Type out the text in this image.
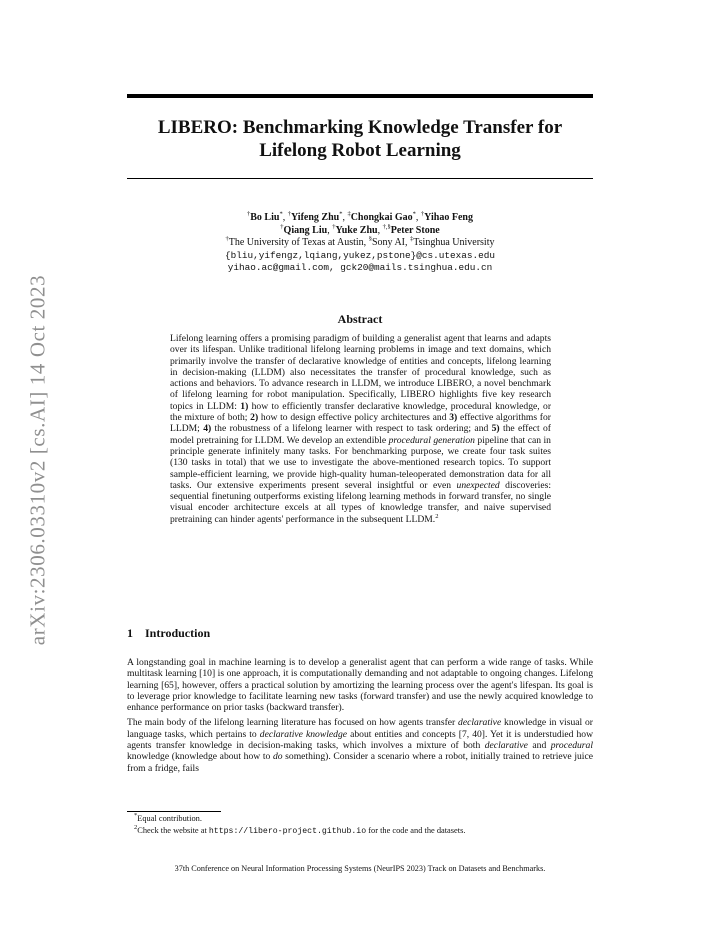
arXiv:2306.03310v2 [cs.AI] 14 Oct 2023
LIBERO: Benchmarking Knowledge Transfer for
Lifelong Robot Learning
†Bo Liu*, †Yifeng Zhu*, ‡Chongkai Gao*, †Yihao Feng
†Qiang Liu, †Yuke Zhu, †,§Peter Stone
†The University of Texas at Austin, §Sony AI, ‡Tsinghua University
{bliu,yifengz,lqiang,yukez,pstone}@cs.utexas.edu
yihao.ac@gmail.com, gck20@mails.tsinghua.edu.cn
Abstract
Lifelong learning offers a promising paradigm of building a generalist agent that learns and adapts over its lifespan. Unlike traditional lifelong learning problems in image and text domains, which primarily involve the transfer of declarative knowledge of entities and concepts, lifelong learning in decision-making (LLDM) also necessitates the transfer of procedural knowledge, such as actions and behaviors. To advance research in LLDM, we introduce LIBERO, a novel benchmark of lifelong learning for robot manipulation. Specifically, LIBERO highlights five key research topics in LLDM: 1) how to efficiently transfer declarative knowledge, procedural knowledge, or the mixture of both; 2) how to design effective policy architectures and 3) effective algorithms for LLDM; 4) the robustness of a lifelong learner with respect to task ordering; and 5) the effect of model pretraining for LLDM. We develop an extendible procedural generation pipeline that can in principle generate infinitely many tasks. For benchmarking purpose, we create four task suites (130 tasks in total) that we use to investigate the above-mentioned research topics. To support sample-efficient learning, we provide high-quality human-teleoperated demonstration data for all tasks. Our extensive experiments present several insightful or even unexpected discoveries: sequential finetuning outperforms existing lifelong learning methods in forward transfer, no single visual encoder architecture excels at all types of knowledge transfer, and naive supervised pretraining can hinder agents' performance in the subsequent LLDM.$^2$
1 Introduction

A longstanding goal in machine learning is to develop a generalist agent that can perform a wide range of tasks. While multitask learning [10] is one approach, it is computationally demanding and not adaptable to ongoing changes. Lifelong learning [65], however, offers a practical solution by amortizing the learning process over the agent's lifespan. Its goal is to leverage prior knowledge to facilitate learning new tasks (forward transfer) and use the newly acquired knowledge to enhance performance on prior tasks (backward transfer).

The main body of the lifelong learning literature has focused on how agents transfer declarative knowledge in visual or language tasks, which pertains to declarative knowledge about entities and concepts [7, 40]. Yet it is understudied how agents transfer knowledge in decision-making tasks, which involves a mixture of both declarative and procedural knowledge (knowledge about how to do something). Consider a scenario where a robot, initially trained to retrieve juice from a fridge, fails

*Equal contribution.
$^2$Check the website at https://libero-project.github.io for the code and the datasets.
37th Conference on Neural Information Processing Systems (NeurIPS 2023) Track on Datasets and Benchmarks.
